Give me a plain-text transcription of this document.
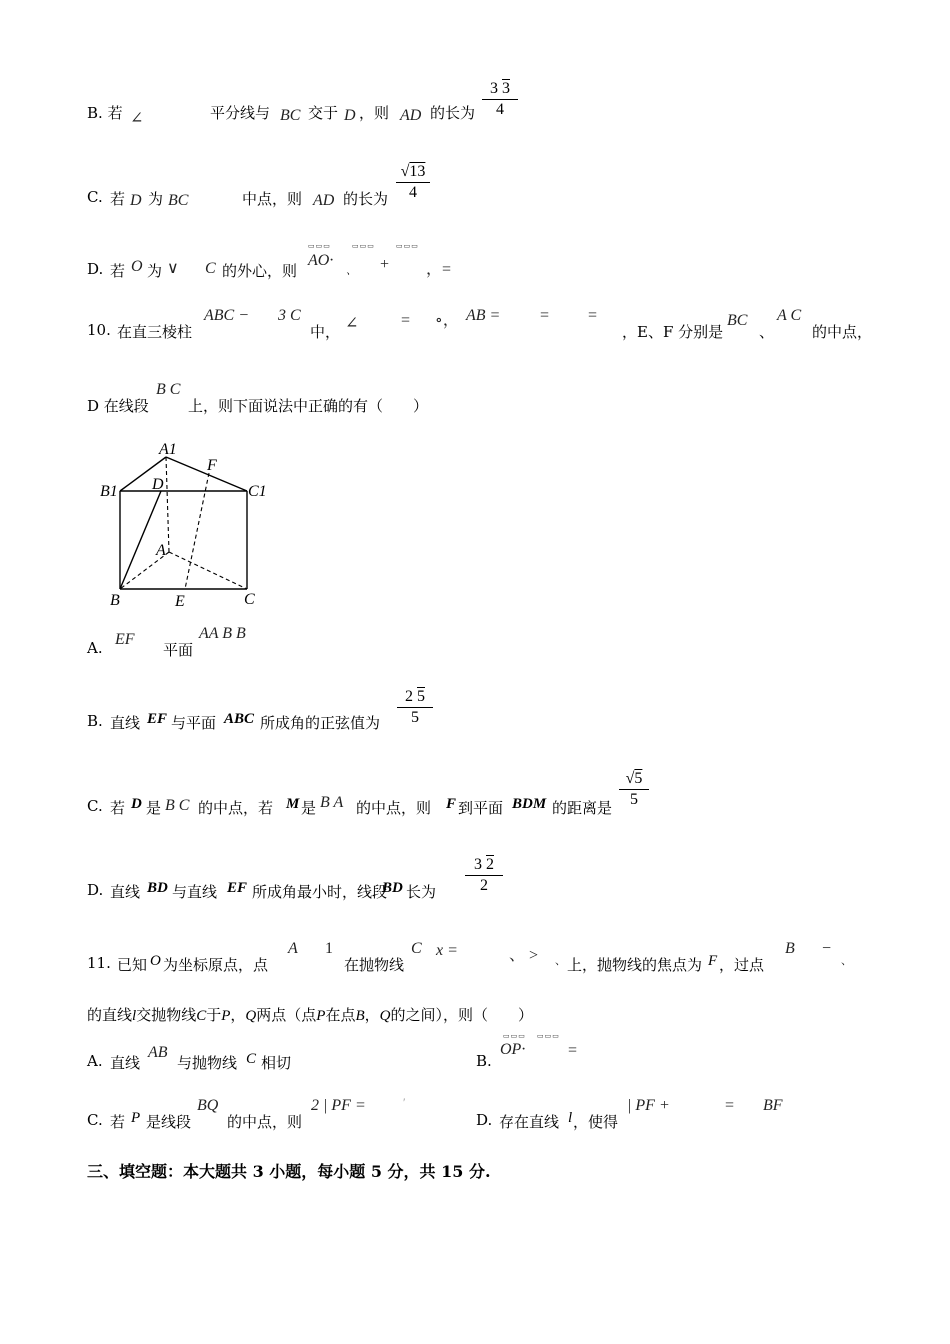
B. 若 ∠	平分线与 BC 交于 D ，则 AD 的长为
3 3
4
C. 若 D 为 BC	中点，则 AD 的长为
√13
4
D. 若 O 为 ∨ C 的外心，则
▭▭▭
AO·
▭▭▭
、 +
▭▭▭
，=
10. 在直三棱柱
ABC − 3 C
中， ∠	= ∘， AB = = =
，E、F 分别是
BC
、
A C
的中点，
D 在线段
B C
上，则下面说法中正确的有（　　）
A1
F
B1 D	C1
A
B	E	C
A. EF
平面
AA B B
B. 直线 EF 与平面 ABC 所成角的正弦值为
2 5
5
C. 若 D 是 B C 的中点，若 M 是 B A 的中点，则 F 到平面 BDM 的距离是
√5
5
D. 直线 BD 与直线 EF 所成角最小时，线段
BD 长为
3 2
2
11. 已知 O 为坐标原点，点
A 1
在抛物线
C x =	、 > 、 上，抛物线的焦点为 F ，过点
B −
、
的直线l交抛物线C于P，Q两点（点P在点B，Q的之间），则（　　）
A. 直线
AB
与抛物线 C 相切	B.
▭▭▭ ▭▭▭
OP·	=
C. 若 P 是线段
BQ
的中点，则
2 | PF =	′
D. 存在直线 l ，使得
| PF +	= BF
三、填空题：本大题共 3 小题，每小题 5 分，共 15 分.
